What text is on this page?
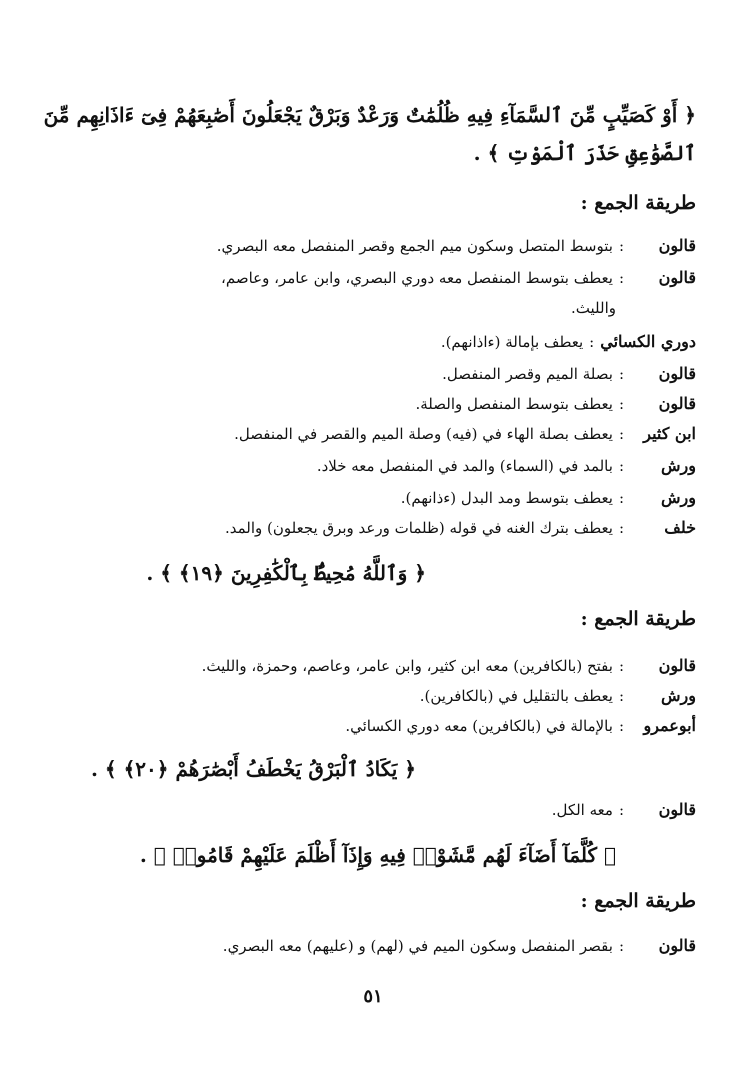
﴿ أَوْ كَصَيِّبٍ مِّنَ ٱلسَّمَآءِ فِيهِ ظُلُمَٰتٌ وَرَعْدٌ وَبَرْقٌ يَجْعَلُونَ أَصَٰبِعَهُمْ فِىٓ ءَاذَانِهِم مِّنَ
ٱلصَّوَٰعِقِ حَذَرَ ٱلْمَوْتِ ﴾ .
طريقة الجمع :
قالون:بتوسط المتصل وسكون ميم الجمع وقصر المنفصل معه البصري.
قالون:يعطف بتوسط المنفصل معه دوري البصري، وابن عامر، وعاصم،
والليث.
دوري الكسائي:يعطف بإمالة (ءاذانهم).
قالون:بصلة الميم وقصر المنفصل.
قالون:يعطف بتوسط المنفصل والصلة.
ابن كثير:يعطف بصلة الهاء في (فيه) وصلة الميم والقصر في المنفصل.
ورش:بالمد في (السماء) والمد في المنفصل معه خلاد.
ورش:يعطف بتوسط ومد البدل (ءذانهم).
خلف:يعطف بترك الغنه في قوله (ظلمات ورعد وبرق يجعلون) والمد.
﴿ وَٱللَّهُ مُحِيطٌۢ بِٱلْكَٰفِرِينَ ﴿١٩﴾ ﴾ .
طريقة الجمع :
قالون:بفتح (بالكافرين) معه ابن كثير، وابن عامر، وعاصم، وحمزة، والليث.
ورش:يعطف بالتقليل في (بالكافرين).
أبوعمرو:بالإمالة في (بالكافرين) معه دوري الكسائي.
﴿ يَكَادُ ٱلْبَرْقُ يَخْطَفُ أَبْصَٰرَهُمْ ﴿٢٠﴾ ﴾ .
قالون:معه الكل.
﴿ كُلَّمَآ أَضَآءَ لَهُم مَّشَوْا۟ فِيهِ وَإِذَآ أَظْلَمَ عَلَيْهِمْ قَامُوا۟ ﴾ .
طريقة الجمع :
قالون:بقصر المنفصل وسكون الميم في (لهم) و (عليهم) معه البصري.
٥١
